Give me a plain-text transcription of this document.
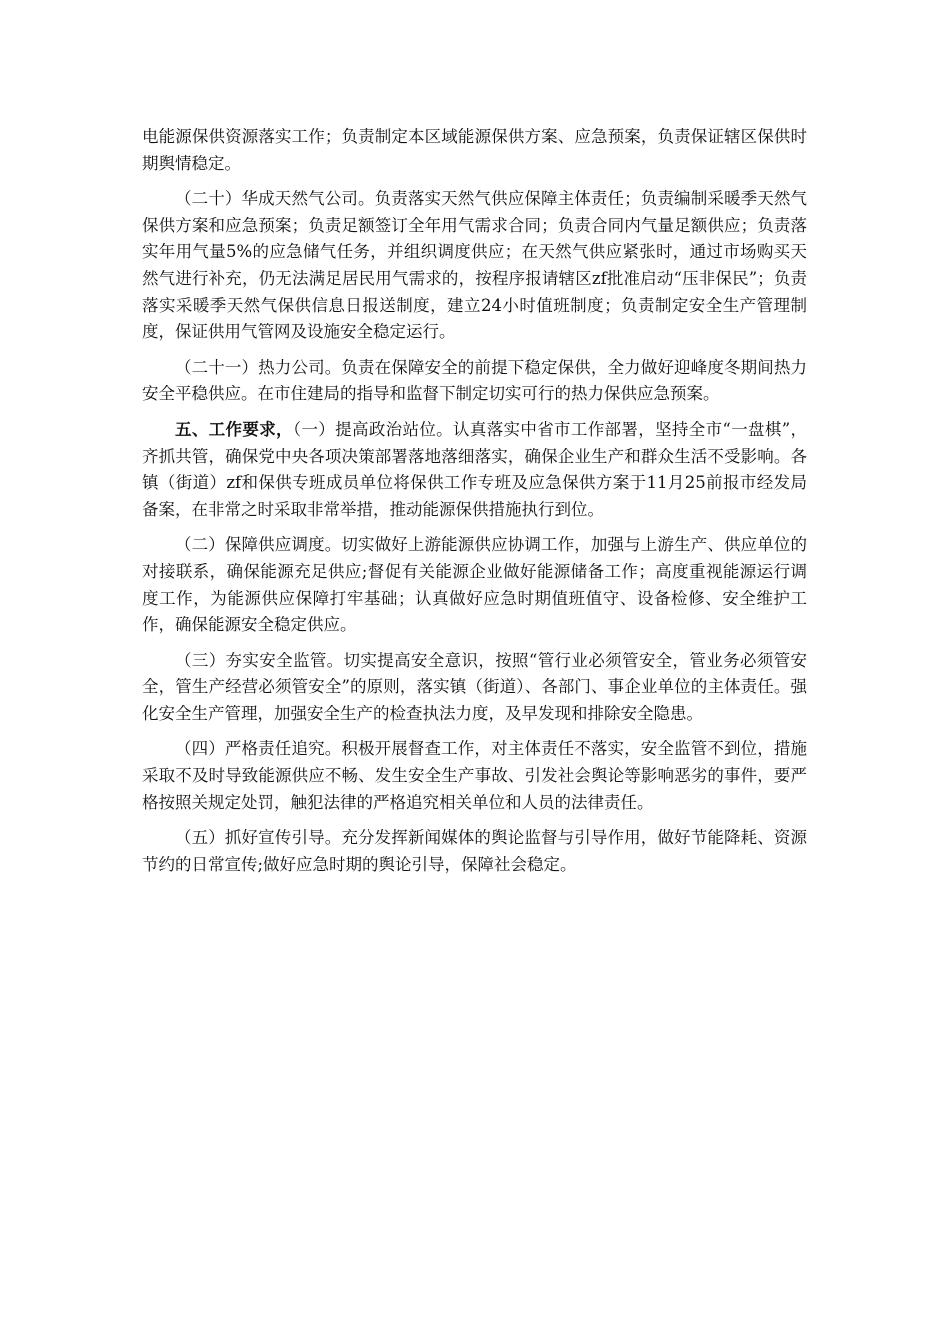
电能源保供资源落实工作；负责制定本区域能源保供方案、应急预案，负责保证辖区保供时期舆情稳定。

（二十）华成天然气公司。负责落实天然气供应保障主体责任；负责编制采暖季天然气保供方案和应急预案；负责足额签订全年用气需求合同；负责合同内气量足额供应；负责落实年用气量5%的应急储气任务，并组织调度供应；在天然气供应紧张时，通过市场购买天然气进行补充，仍无法满足居民用气需求的，按程序报请辖区zf批准启动“压非保民”；负责落实采暖季天然气保供信息日报送制度，建立24小时值班制度；负责制定安全生产管理制度，保证供用气管网及设施安全稳定运行。

（二十一）热力公司。负责在保障安全的前提下稳定保供，全力做好迎峰度冬期间热力安全平稳供应。在市住建局的指导和监督下制定切实可行的热力保供应急预案。

五、工作要求，（一）提高政治站位。认真落实中省市工作部署，坚持全市“一盘棋”，齐抓共管，确保党中央各项决策部署落地落细落实，确保企业生产和群众生活不受影响。各镇（街道）zf和保供专班成员单位将保供工作专班及应急保供方案于11月25前报市经发局备案，在非常之时采取非常举措，推动能源保供措施执行到位。

（二）保障供应调度。切实做好上游能源供应协调工作，加强与上游生产、供应单位的对接联系，确保能源充足供应;督促有关能源企业做好能源储备工作；高度重视能源运行调度工作，为能源供应保障打牢基础；认真做好应急时期值班值守、设备检修、安全维护工作，确保能源安全稳定供应。

（三）夯实安全监管。切实提高安全意识，按照“管行业必须管安全，管业务必须管安全，管生产经营必须管安全”的原则，落实镇（街道）、各部门、事企业单位的主体责任。强化安全生产管理，加强安全生产的检查执法力度，及早发现和排除安全隐患。

（四）严格责任追究。积极开展督查工作，对主体责任不落实，安全监管不到位，措施采取不及时导致能源供应不畅、发生安全生产事故、引发社会舆论等影响恶劣的事件，要严格按照关规定处罚，触犯法律的严格追究相关单位和人员的法律责任。

（五）抓好宣传引导。充分发挥新闻媒体的舆论监督与引导作用，做好节能降耗、资源节约的日常宣传;做好应急时期的舆论引导，保障社会稳定。
